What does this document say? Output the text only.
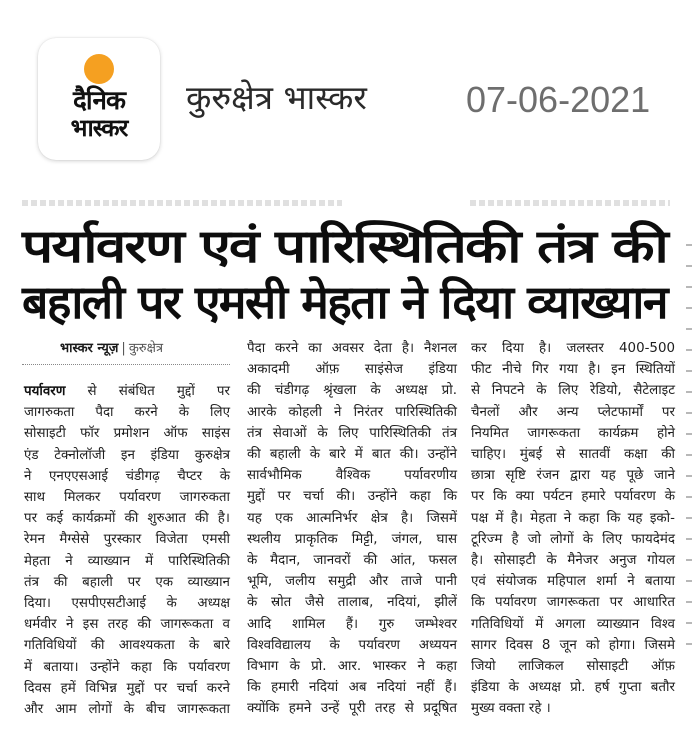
दैनिक
भास्कर
कुरुक्षेत्र भास्कर	07-06-2021
पर्यावरण एवं पारिस्थितिकी तंत्र की
बहाली पर एमसी मेहता ने दिया व्याख्यान
भास्कर न्यूज़ | कुरुक्षेत्र
पर्यावरण से संबंधित मुद्दों पर
जागरुकता पैदा करने के लिए
सोसाइटी फॉर प्रमोशन ऑफ साइंस
एंड टेक्नोलॉजी इन इंडिया कुरुक्षेत्र
ने एनएएसआई चंडीगढ़ चैप्टर के
साथ मिलकर पर्यावरण जागरुकता
पर कई कार्यक्रमों की शुरुआत की है।
रेमन मैग्सेसे पुरस्कार विजेता एमसी
मेहता ने व्याख्यान में पारिस्थितिकी
तंत्र की बहाली पर एक व्याख्यान
दिया। एसपीएसटीआई के अध्यक्ष
धर्मवीर ने इस तरह की जागरूकता व
गतिविधियों की आवश्यकता के बारे
में बताया। उन्होंने कहा कि पर्यावरण
दिवस हमें विभिन्न मुद्दों पर चर्चा करने
और आम लोगों के बीच जागरूकता
पैदा करने का अवसर देता है। नैशनल
अकादमी ऑफ़ साइंसेज इंडिया
की चंडीगढ़ श्रृंखला के अध्यक्ष प्रो.
आरके कोहली ने निरंतर पारिस्थितिकी
तंत्र सेवाओं के लिए पारिस्थितिकी तंत्र
की बहाली के बारे में बात की। उन्होंने
सार्वभौमिक वैश्विक पर्यावरणीय
मुद्दों पर चर्चा की। उन्होंने कहा कि
यह एक आत्मनिर्भर क्षेत्र है। जिसमें
स्थलीय प्राकृतिक मिट्टी, जंगल, घास
के मैदान, जानवरों की आंत, फसल
भूमि, जलीय समुद्री और ताजे पानी
के स्रोत जैसे तालाब, नदियां, झीलें
आदि शामिल हैं। गुरु जम्भेश्वर
विश्वविद्यालय के पर्यावरण अध्ययन
विभाग के प्रो. आर. भास्कर ने कहा
कि हमारी नदियां अब नदियां नहीं हैं।
क्योंकि हमने उन्हें पूरी तरह से प्रदूषित
कर दिया है। जलस्तर 400-500
फीट नीचे गिर गया है। इन स्थितियों
से निपटने के लिए रेडियो, सैटेलाइट
चैनलों और अन्य प्लेटफार्मों पर
नियमित जागरूकता कार्यक्रम होने
चाहिए। मुंबई से सातवीं कक्षा की
छात्रा सृष्टि रंजन द्वारा यह पूछे जाने
पर कि क्या पर्यटन हमारे पर्यावरण के
पक्ष में है। मेहता ने कहा कि यह इको-
टूरिज्म है जो लोगों के लिए फायदेमंद
है। सोसाइटी के मैनेजर अनुज गोयल
एवं संयोजक महिपाल शर्मा ने बताया
कि पर्यावरण जागरूकता पर आधारित
गतिविधियों में अगला व्याख्यान विश्व
सागर दिवस 8 जून को होगा। जिसमे
जियो लाजिकल सोसाइटी ऑफ़
इंडिया के अध्यक्ष प्रो. हर्ष गुप्ता बतौर
मुख्य वक्ता रहे ।
